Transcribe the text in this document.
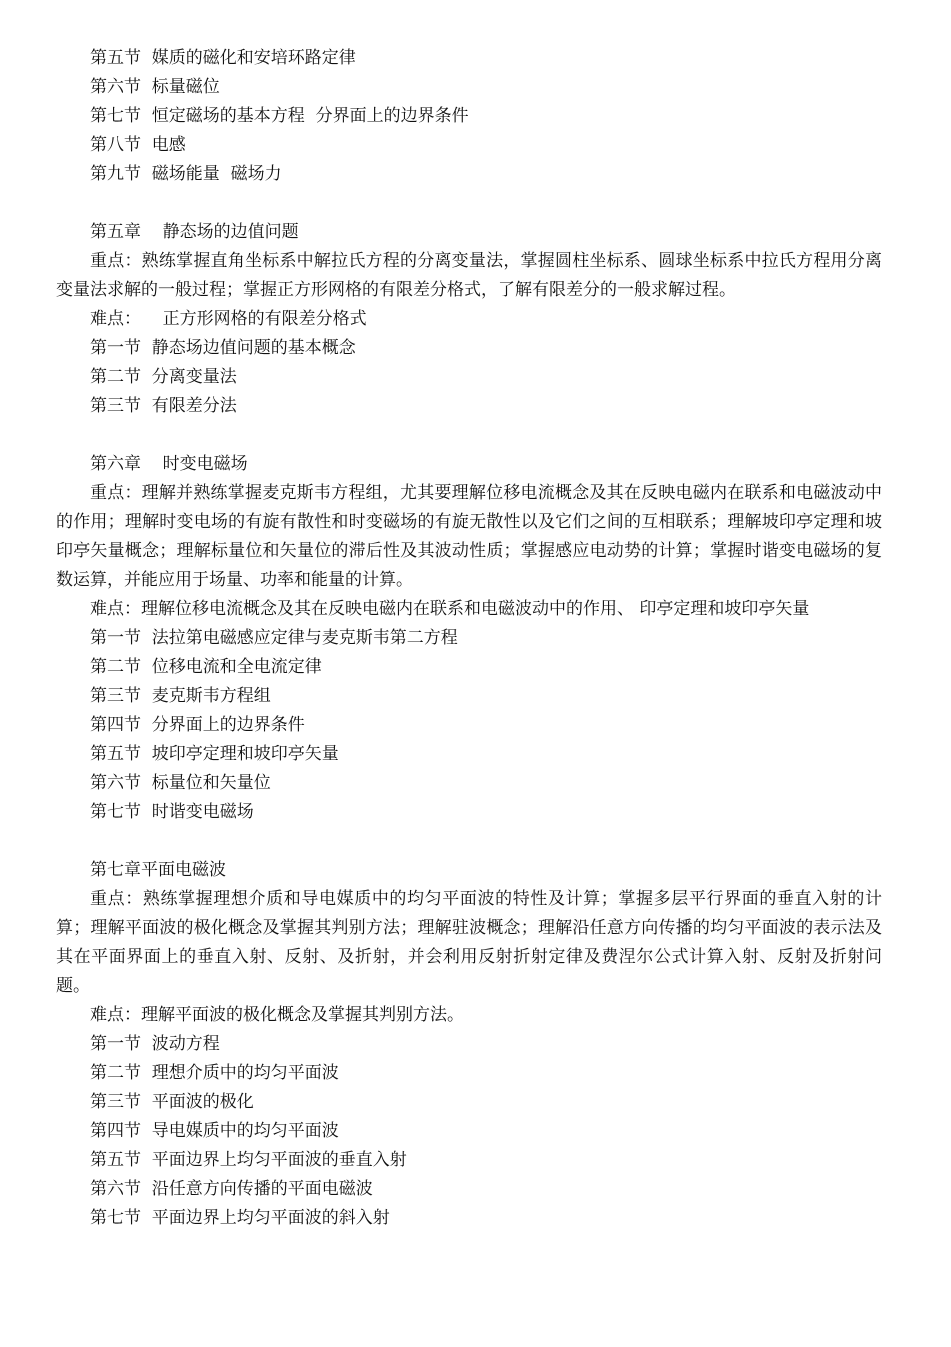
第五节  媒质的磁化和安培环路定律

第六节  标量磁位

第七节  恒定磁场的基本方程  分界面上的边界条件

第八节  电感

第九节  磁场能量  磁场力

第五章    静态场的边值问题

重点：熟练掌握直角坐标系中解拉氏方程的分离变量法，掌握圆柱坐标系、圆球坐标系中拉氏方程用分离变量法求解的一般过程；掌握正方形网格的有限差分格式，了解有限差分的一般求解过程。

难点：    正方形网格的有限差分格式

第一节  静态场边值问题的基本概念

第二节  分离变量法

第三节  有限差分法

第六章    时变电磁场

重点：理解并熟练掌握麦克斯韦方程组，尤其要理解位移电流概念及其在反映电磁内在联系和电磁波动中的作用；理解时变电场的有旋有散性和时变磁场的有旋无散性以及它们之间的互相联系；理解坡印亭定理和坡印亭矢量概念；理解标量位和矢量位的滞后性及其波动性质；掌握感应电动势的计算；掌握时谐变电磁场的复数运算，并能应用于场量、功率和能量的计算。

难点：理解位移电流概念及其在反映电磁内在联系和电磁波动中的作用、 印亭定理和坡印亭矢量

第一节  法拉第电磁感应定律与麦克斯韦第二方程

第二节  位移电流和全电流定律

第三节  麦克斯韦方程组

第四节  分界面上的边界条件

第五节  坡印亭定理和坡印亭矢量

第六节  标量位和矢量位

第七节  时谐变电磁场

第七章平面电磁波

重点：熟练掌握理想介质和导电媒质中的均匀平面波的特性及计算；掌握多层平行界面的垂直入射的计算；理解平面波的极化概念及掌握其判别方法；理解驻波概念；理解沿任意方向传播的均匀平面波的表示法及其在平面界面上的垂直入射、反射、及折射，并会利用反射折射定律及费涅尔公式计算入射、反射及折射问题。

难点：理解平面波的极化概念及掌握其判别方法。

第一节  波动方程

第二节  理想介质中的均匀平面波

第三节  平面波的极化

第四节  导电媒质中的均匀平面波

第五节  平面边界上均匀平面波的垂直入射

第六节  沿任意方向传播的平面电磁波

第七节  平面边界上均匀平面波的斜入射
